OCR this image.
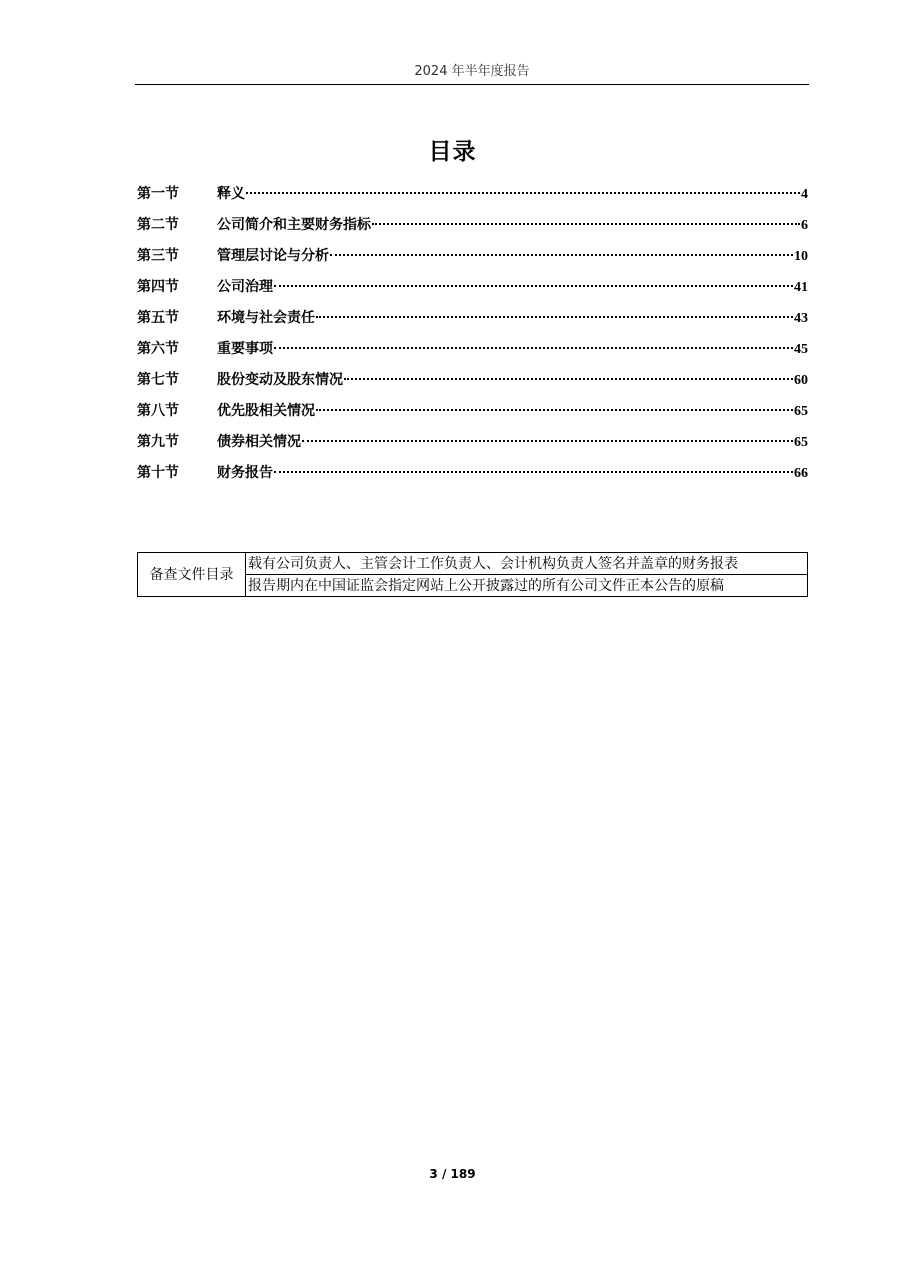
2024 年半年度报告
目录
第一节	释义	4
第二节	公司简介和主要财务指标	6
第三节	管理层讨论与分析	10
第四节	公司治理	41
第五节	环境与社会责任	43
第六节	重要事项	45
第七节	股份变动及股东情况	60
第八节	优先股相关情况	65
第九节	债券相关情况	65
第十节	财务报告	66
备查文件目录	载有公司负责人、主管会计工作负责人、会计机构负责人签名并盖章的财务报表
报告期内在中国证监会指定网站上公开披露过的所有公司文件正本公告的原稿
3 / 189
